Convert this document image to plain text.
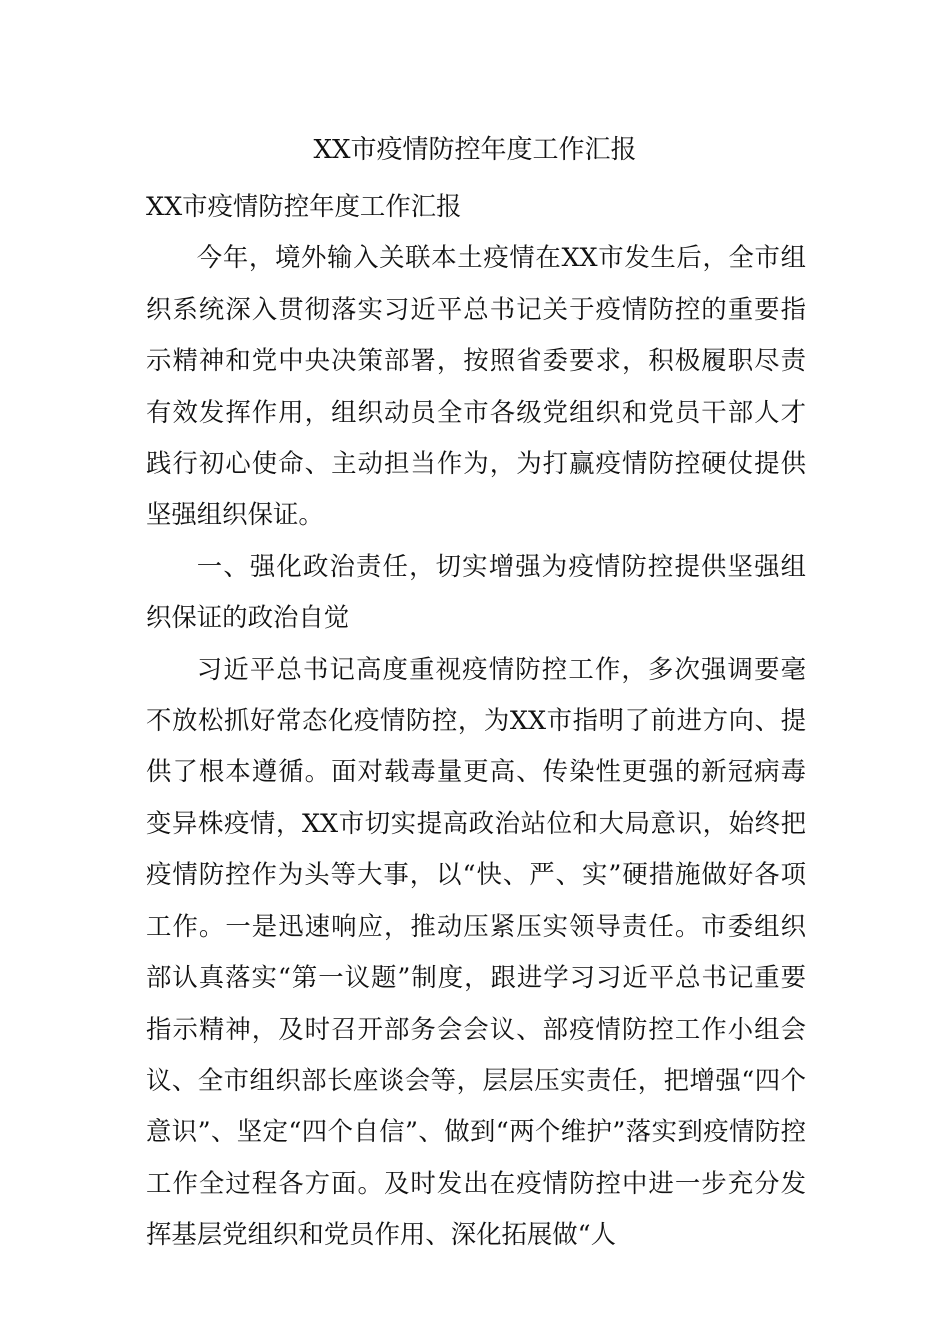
XX市疫情防控年度工作汇报

XX市疫情防控年度工作汇报

今年，境外输入关联本土疫情在XX市发生后，全市组织系统深入贯彻落实习近平总书记关于疫情防控的重要指示精神和党中央决策部署，按照省委要求，积极履职尽责有效发挥作用，组织动员全市各级党组织和党员干部人才践行初心使命、主动担当作为，为打赢疫情防控硬仗提供坚强组织保证。

一、强化政治责任，切实增强为疫情防控提供坚强组织保证的政治自觉

习近平总书记高度重视疫情防控工作，多次强调要毫不放松抓好常态化疫情防控，为XX市指明了前进方向、提供了根本遵循。面对载毒量更高、传染性更强的新冠病毒变异株疫情，XX市切实提高政治站位和大局意识，始终把疫情防控作为头等大事，以“快、严、实”硬措施做好各项工作。一是迅速响应，推动压紧压实领导责任。市委组织部认真落实“第一议题”制度，跟进学习习近平总书记重要指示精神，及时召开部务会会议、部疫情防控工作小组会议、全市组织部长座谈会等，层层压实责任，把增强“四个意识”、坚定“四个自信”、做到“两个维护”落实到疫情防控工作全过程各方面。及时发出在疫情防控中进一步充分发挥基层党组织和党员作用、深化拓展做“人
